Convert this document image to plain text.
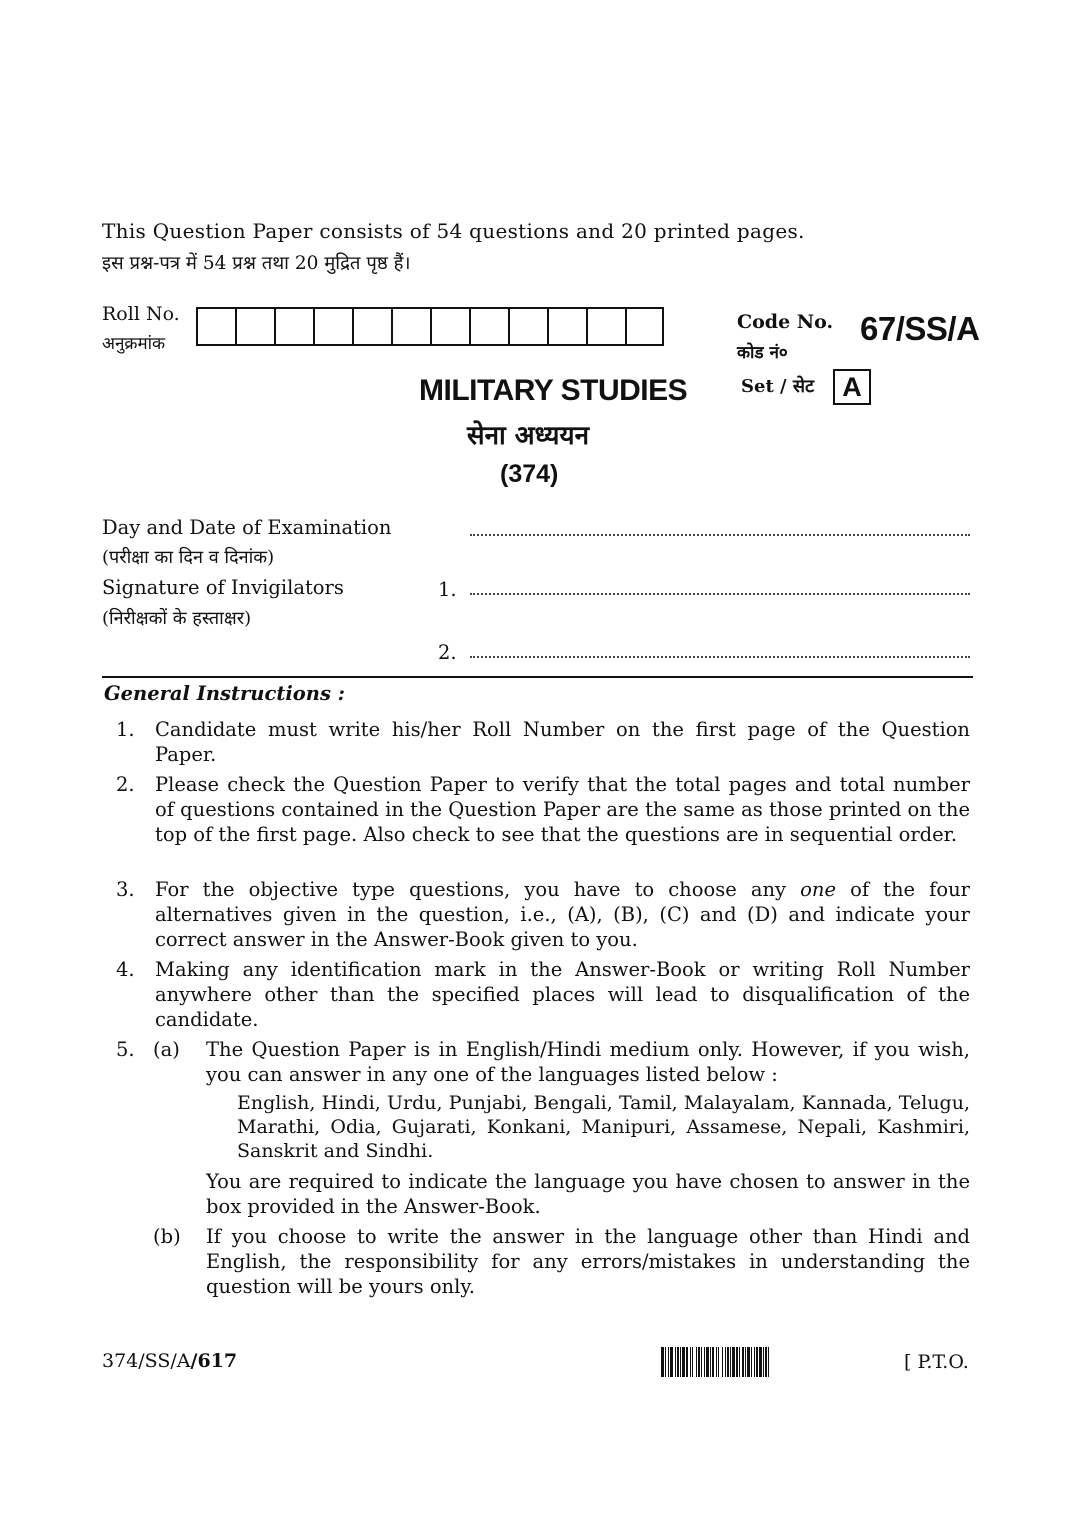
This Question Paper consists of 54 questions and 20 printed pages.
इस प्रश्न-पत्र में 54 प्रश्न तथा 20 मुद्रित पृष्ठ हैं।
Roll No.
अनुक्रमांक
Code No.
कोड नं०
67/SS/A
Set / सेट	A
MILITARY STUDIES
सेना अध्ययन
(374)
Day and Date of Examination
(परीक्षा का दिन व दिनांक)
Signature of Invigilators
(निरीक्षकों के हस्ताक्षर)
1.
2.
General Instructions :
1. Candidate must write his/her Roll Number on the first page of the Question Paper.
2. Please check the Question Paper to verify that the total pages and total number of questions contained in the Question Paper are the same as those printed on the top of the first page. Also check to see that the questions are in sequential order.
3. For the objective type questions, you have to choose any one of the four alternatives given in the question, i.e., (A), (B), (C) and (D) and indicate your correct answer in the Answer-Book given to you.
4. Making any identification mark in the Answer-Book or writing Roll Number anywhere other than the specified places will lead to disqualification of the candidate.
5. (a) The Question Paper is in English/Hindi medium only. However, if you wish, you can answer in any one of the languages listed below :
English, Hindi, Urdu, Punjabi, Bengali, Tamil, Malayalam, Kannada, Telugu, Marathi, Odia, Gujarati, Konkani, Manipuri, Assamese, Nepali, Kashmiri, Sanskrit and Sindhi.
You are required to indicate the language you have chosen to answer in the box provided in the Answer-Book.
(b) If you choose to write the answer in the language other than Hindi and English, the responsibility for any errors/mistakes in understanding the question will be yours only.
374/SS/A/617	[ P.T.O.
